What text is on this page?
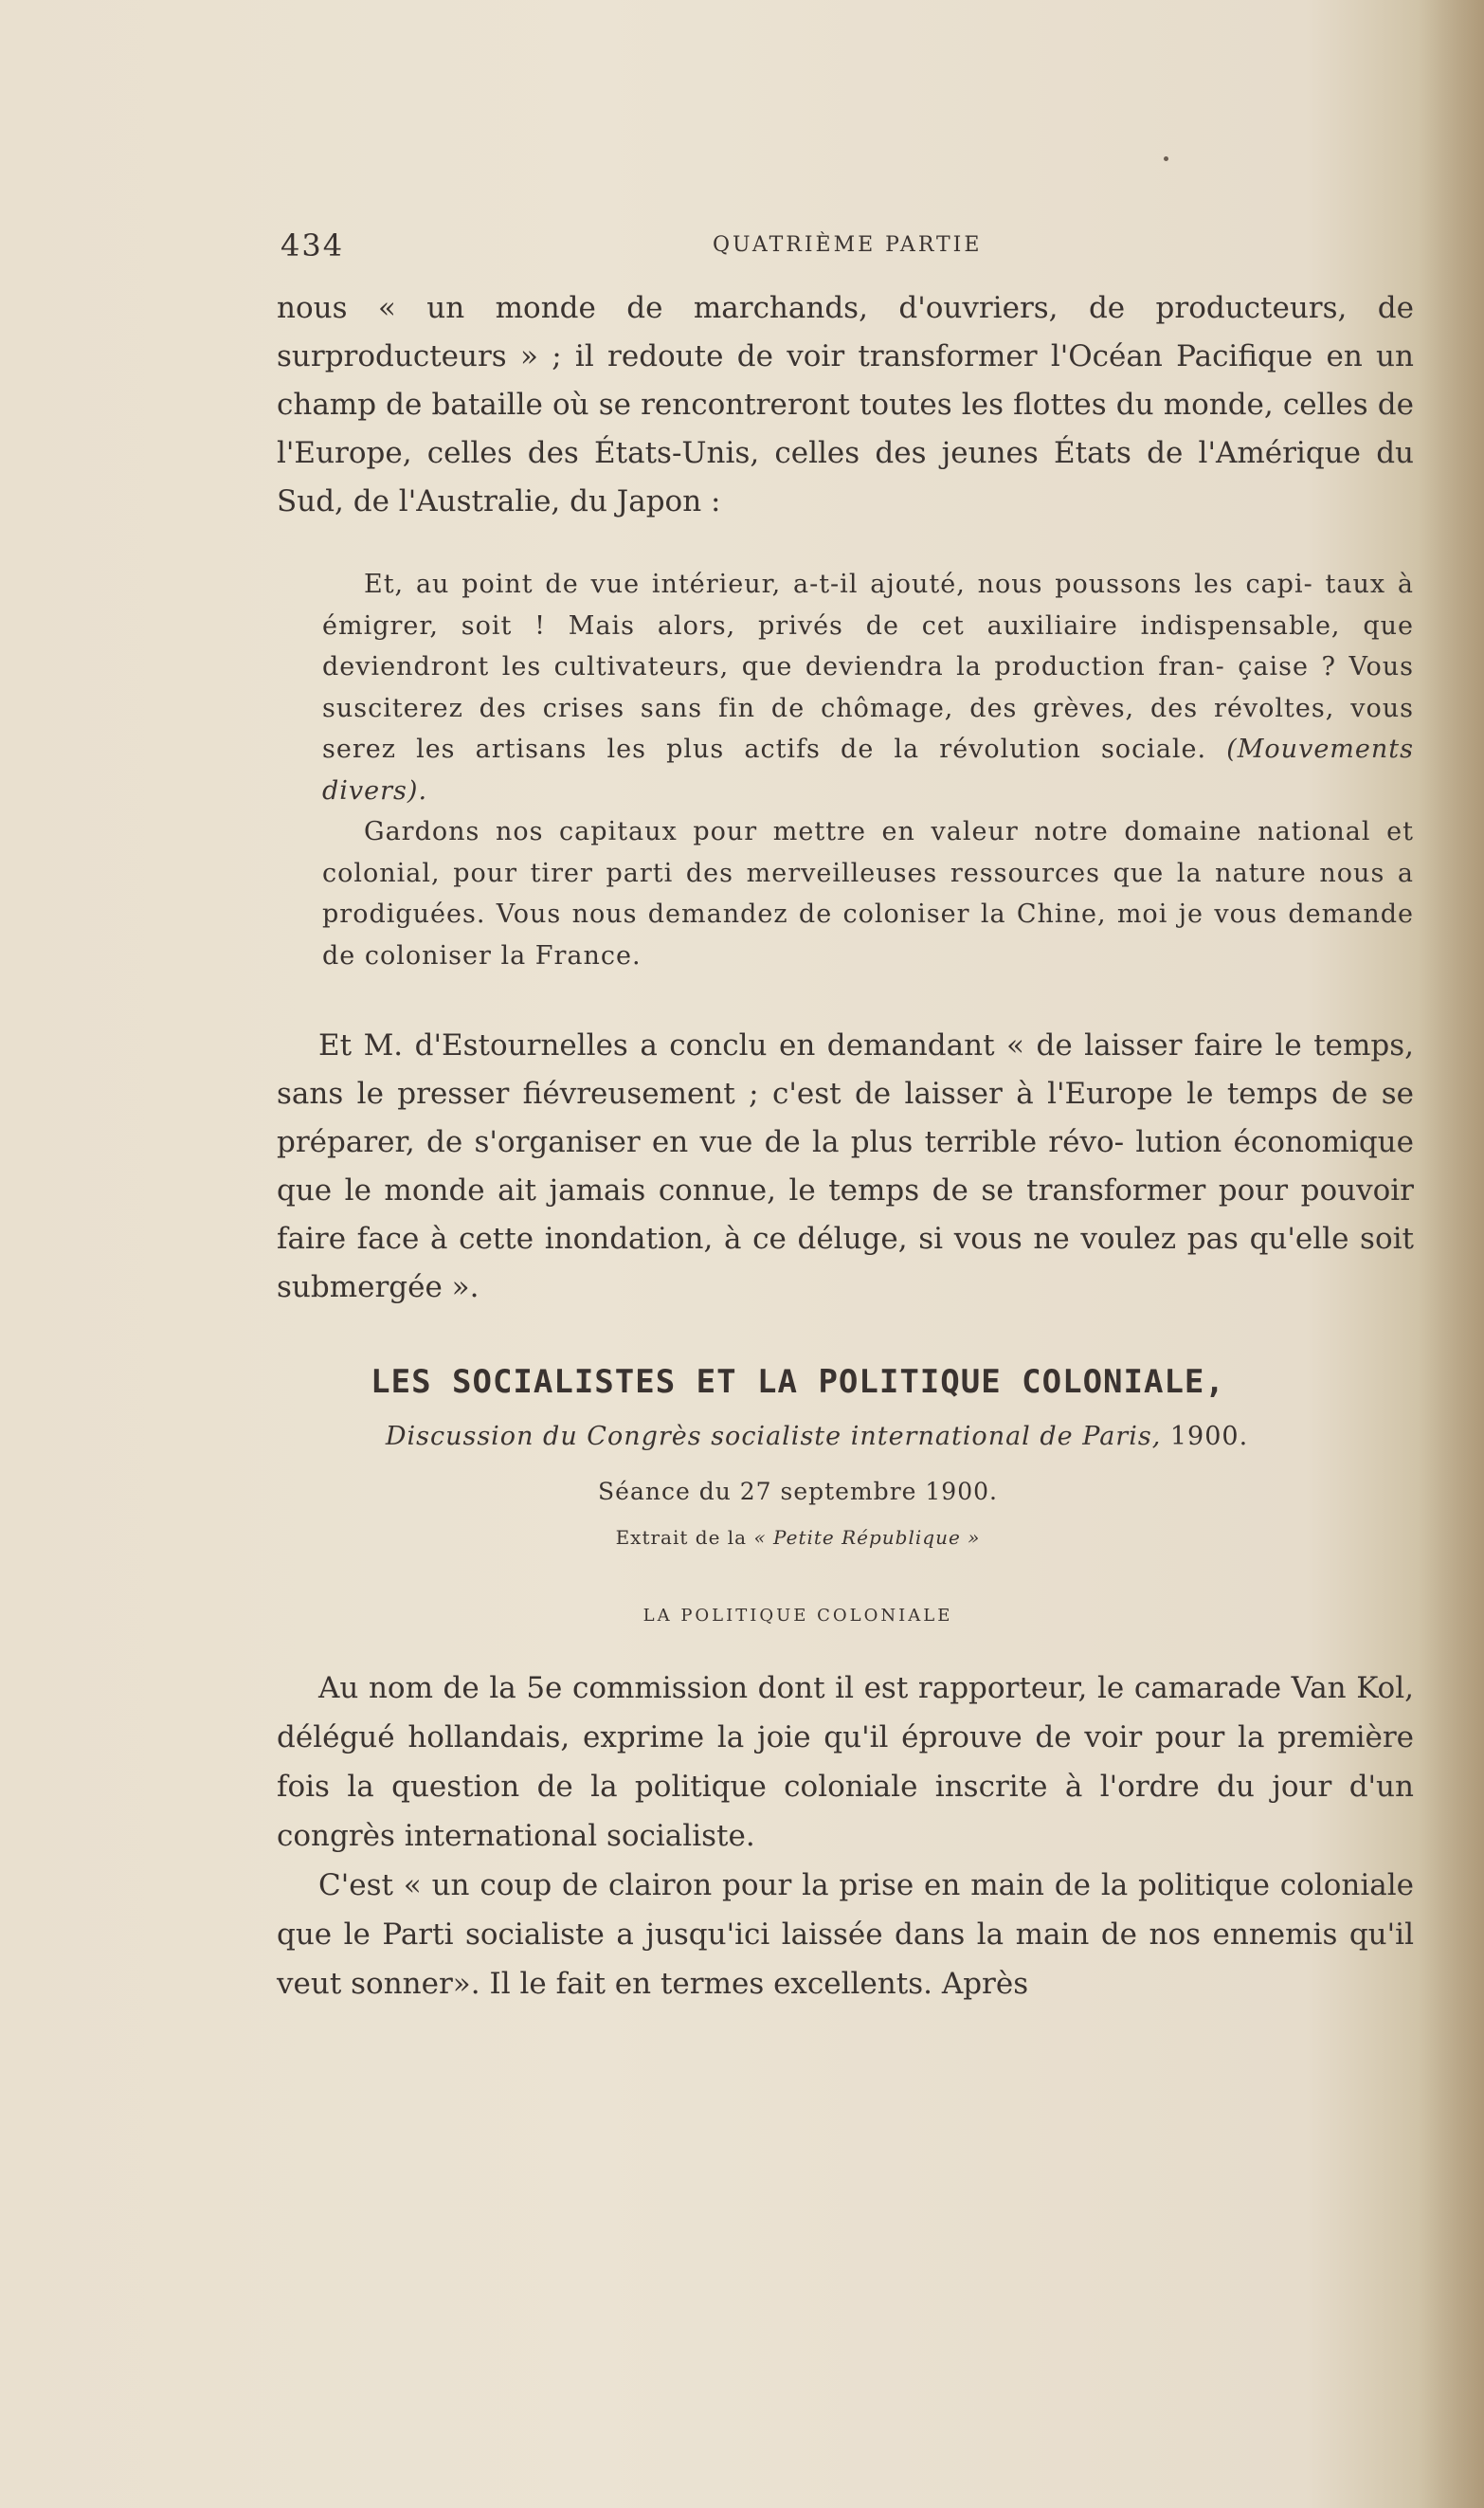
434	QUATRIÈME PARTIE

nous « un monde de marchands, d'ouvriers, de producteurs, de surproducteurs » ; il redoute de voir transformer l'Océan Pacifique en un champ de bataille où se rencontreront toutes les flottes du monde, celles de l'Europe, celles des États-Unis, celles des jeunes États de l'Amérique du Sud, de l'Australie, du Japon :

Et, au point de vue intérieur, a-t-il ajouté, nous poussons les capi- taux à émigrer, soit ! Mais alors, privés de cet auxiliaire indispensable, que deviendront les cultivateurs, que deviendra la production fran- çaise ? Vous susciterez des crises sans fin de chômage, des grèves, des révoltes, vous serez les artisans les plus actifs de la révolution sociale. (Mouvements divers).

Gardons nos capitaux pour mettre en valeur notre domaine national et colonial, pour tirer parti des merveilleuses ressources que la nature nous a prodiguées. Vous nous demandez de coloniser la Chine, moi je vous demande de coloniser la France.

Et M. d'Estournelles a conclu en demandant « de laisser faire le temps, sans le presser fiévreusement ; c'est de laisser à l'Europe le temps de se préparer, de s'organiser en vue de la plus terrible révo- lution économique que le monde ait jamais connue, le temps de se transformer pour pouvoir faire face à cette inondation, à ce déluge, si vous ne voulez pas qu'elle soit submergée ».

LES SOCIALISTES ET LA POLITIQUE COLONIALE,
Discussion du Congrès socialiste international de Paris, 1900.
Séance du 27 septembre 1900.
Extrait de la « Petite République »
LA POLITIQUE COLONIALE

Au nom de la 5e commission dont il est rapporteur, le camarade Van Kol, délégué hollandais, exprime la joie qu'il éprouve de voir pour la première fois la question de la politique coloniale inscrite à l'ordre du jour d'un congrès international socialiste.

C'est « un coup de clairon pour la prise en main de la politique coloniale que le Parti socialiste a jusqu'ici laissée dans la main de nos ennemis qu'il veut sonner». Il le fait en termes excellents. Après
